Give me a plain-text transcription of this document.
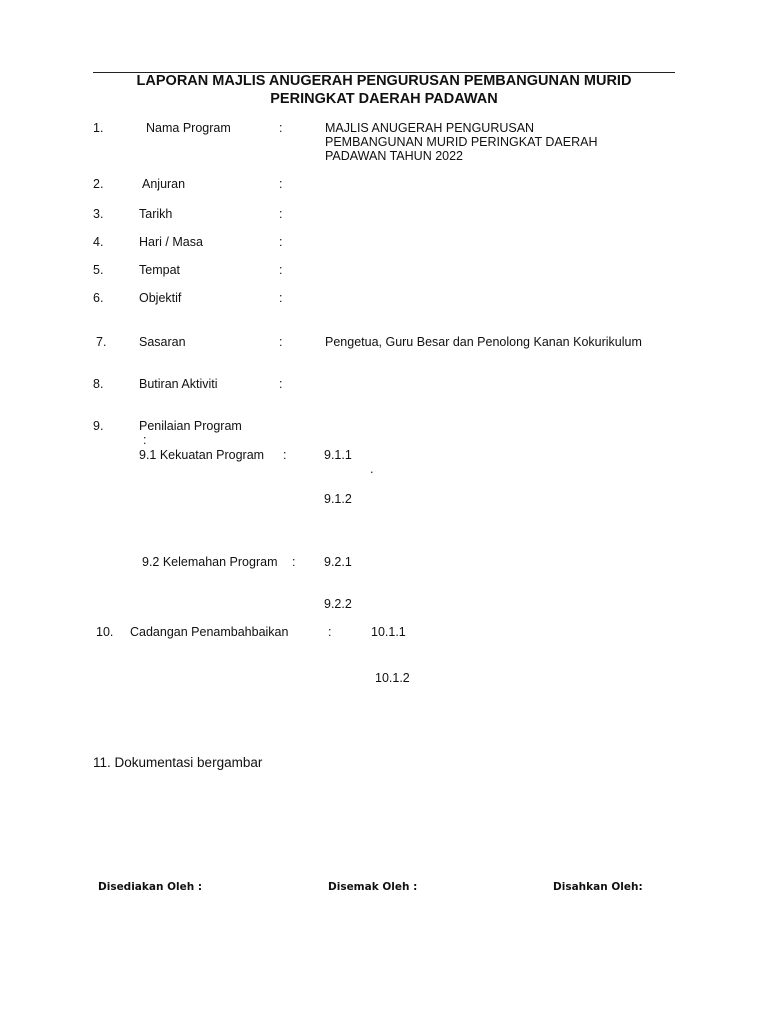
LAPORAN MAJLIS ANUGERAH PENGURUSAN PEMBANGUNAN MURID
PERINGKAT DAERAH PADAWAN
1.	Nama Program	:	MAJLIS ANUGERAH PENGURUSAN
PEMBANGUNAN MURID PERINGKAT DAERAH
PADAWAN TAHUN 2022
2.	Anjuran	:
3.	Tarikh	:
4.	Hari / Masa	:
5.	Tempat	:
6.	Objektif	:
7.	Sasaran	:	Pengetua, Guru Besar dan Penolong Kanan Kokurikulum
8.	Butiran Aktiviti	:
9.	Penilaian Program
:
9.1 Kekuatan Program :	9.1.1
.
9.1.2
9.2 Kelemahan Program : 9.2.1
9.2.2
10. Cadangan Penambahbaikan	:	10.1.1
10.1.2
11. Dokumentasi bergambar
Disediakan Oleh :	Disemak Oleh :	Disahkan Oleh:
